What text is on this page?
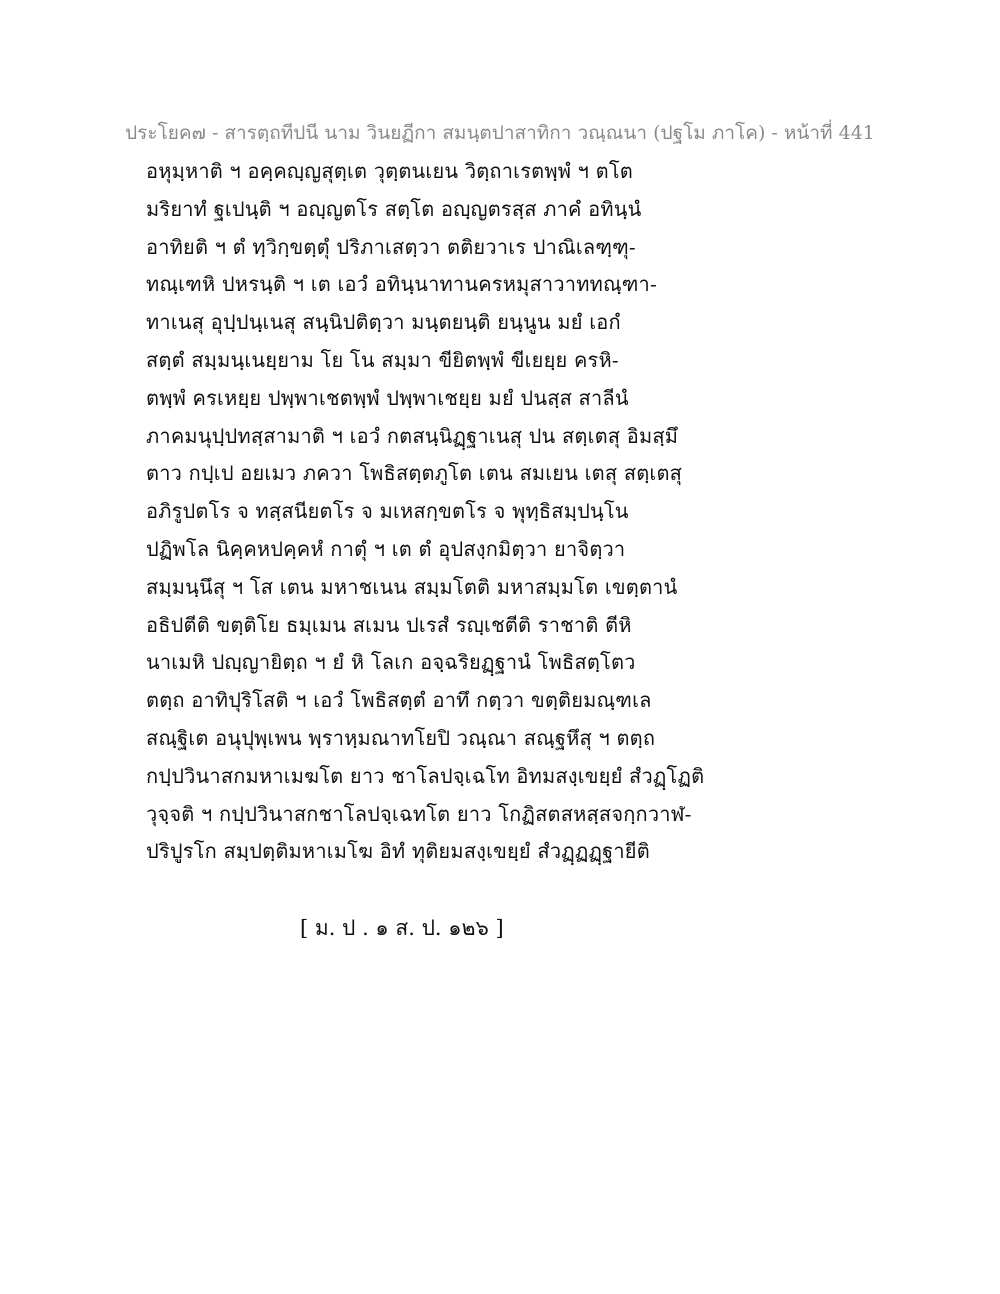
ประโยค๗ - สารตฺถทีปนี นาม วินยฏีกา สมนฺตปาสาทิกา วณฺณนา (ปฐโม ภาโค) - หน้าที่ 441
อหุมฺหาติ ฯ อคฺคญฺญสุตฺเต วุตฺตนเยน วิตฺถาเรตพฺพํ ฯ ตโต
มริยาทํ ฐเปนฺติ ฯ อญฺญตโร สตฺโต อญฺญตรสฺส ภาคํ อทินฺนํ
อาทิยติ ฯ ตํ ทฺวิกฺขตฺตุํ ปริภาเสตฺวา ตติยวาเร ปาณิเลฑฺฑุ-
ทณฺเฑหิ ปหรนฺติ ฯ เต เอวํ อทินฺนาทานครหมุสาวาททณฺฑา-
ทาเนสุ อุปฺปนฺเนสุ สนฺนิปติตฺวา มนฺตยนฺติ ยนฺนูน มยํ เอกํ
สตฺตํ สมฺมนฺเนยฺยาม โย โน สมฺมา ขียิตพฺพํ ขีเยยฺย ครหิ-
ตพฺพํ ครเหยฺย ปพฺพาเชตพฺพํ ปพฺพาเชยฺย มยํ ปนสฺส สาลีนํ
ภาคมนุปฺปทสฺสามาติ ฯ เอวํ กตสนฺนิฏฺฐาเนสุ ปน สตฺเตสุ อิมสฺมึ
ตาว กปฺเป อยเมว ภควา โพธิสตฺตภูโต เตน สมเยน เตสุ สตฺเตสุ
อภิรูปตโร จ ทสฺสนียตโร จ มเหสกฺขตโร จ พุทฺธิสมฺปนฺโน
ปฏิพโล นิคฺคหปคฺคหํ กาตุํ ฯ เต ตํ อุปสงฺกมิตฺวา ยาจิตฺวา
สมฺมนฺนึสุ ฯ โส เตน มหาชเนน สมฺมโตติ มหาสมฺมโต เขตฺตานํ
อธิปตีติ ขตฺติโย ธมฺเมน สเมน ปเรสํ รญฺเชตีติ ราชาติ ตีหิ
นาเมหิ ปญฺญายิตฺถ ฯ ยํ หิ โลเก อจฺฉริยฏฺฐานํ โพธิสตฺโตว
ตตฺถ อาทิปุริโสติ ฯ เอวํ โพธิสตฺตํ อาทึ กตฺวา ขตฺติยมณฺฑเล
สณฺฐิเต อนุปุพฺเพน พฺราหฺมณาทโยปิ วณฺณา สณฺฐหึสุ ฯ ตตฺถ
กปฺปวินาสกมหาเมฆโต ยาว ชาโลปจฺเฉโท อิทมสงฺเขยฺยํ สํวฏฺโฏติ
วุจฺจติ ฯ กปฺปวินาสกชาโลปจฺเฉทโต ยาว โกฏิสตสหสฺสจกฺกวาฬ-
ปริปูรโก สมฺปตฺติมหาเมโฆ อิทํ ทุติยมสงฺเขยฺยํ สํวฏฺฏฏฺฐายีติ
[ ม. ป . ๑ ส. ป. ๑๒๖ ]
